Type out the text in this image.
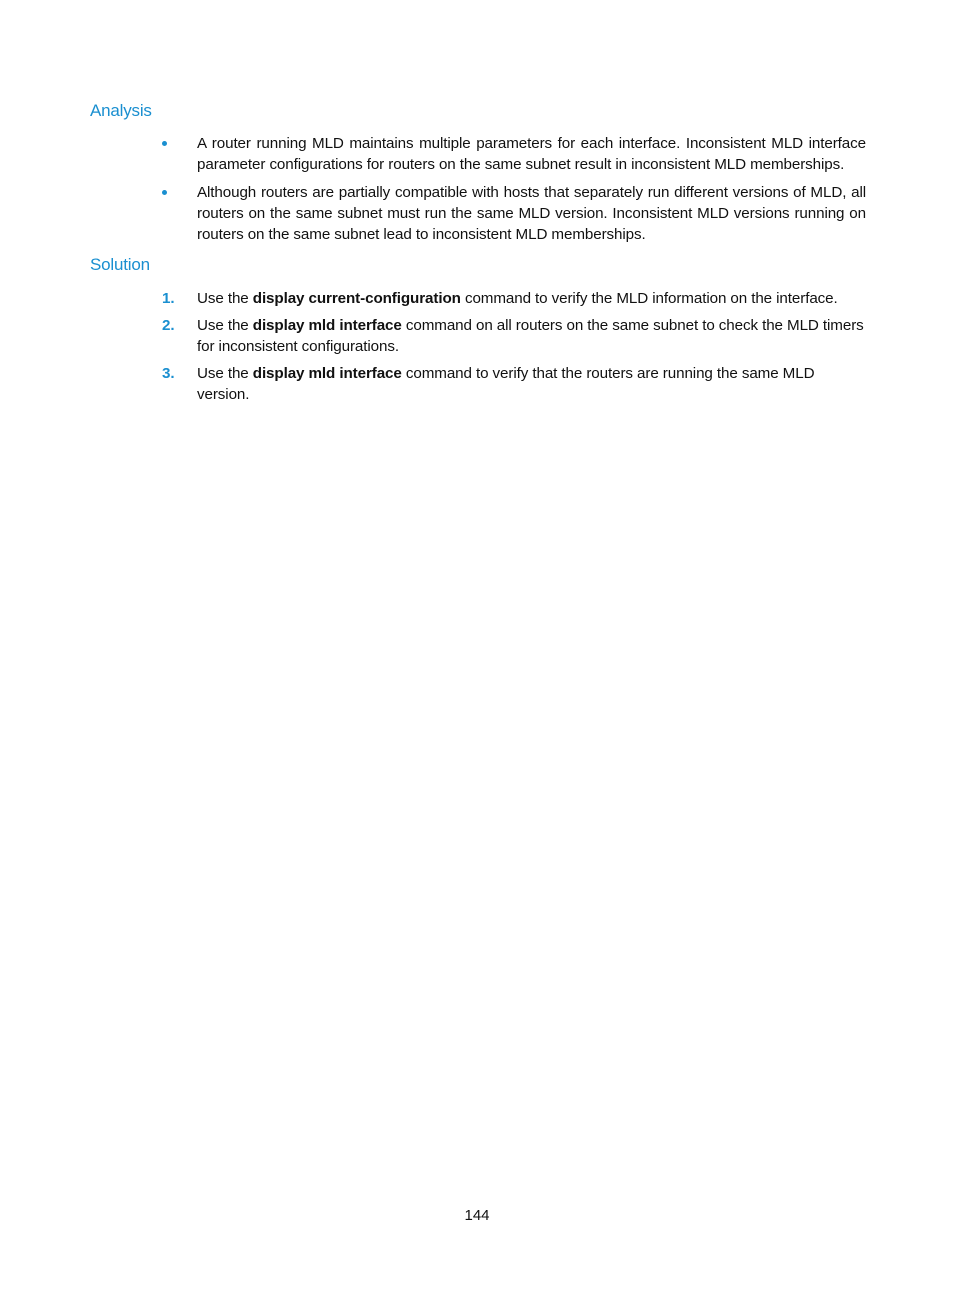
Analysis
A router running MLD maintains multiple parameters for each interface. Inconsistent MLD interface parameter configurations for routers on the same subnet result in inconsistent MLD memberships.
Although routers are partially compatible with hosts that separately run different versions of MLD, all routers on the same subnet must run the same MLD version. Inconsistent MLD versions running on routers on the same subnet lead to inconsistent MLD memberships.
Solution
1. Use the display current-configuration command to verify the MLD information on the interface.
2. Use the display mld interface command on all routers on the same subnet to check the MLD timers for inconsistent configurations.
3. Use the display mld interface command to verify that the routers are running the same MLD version.
144
